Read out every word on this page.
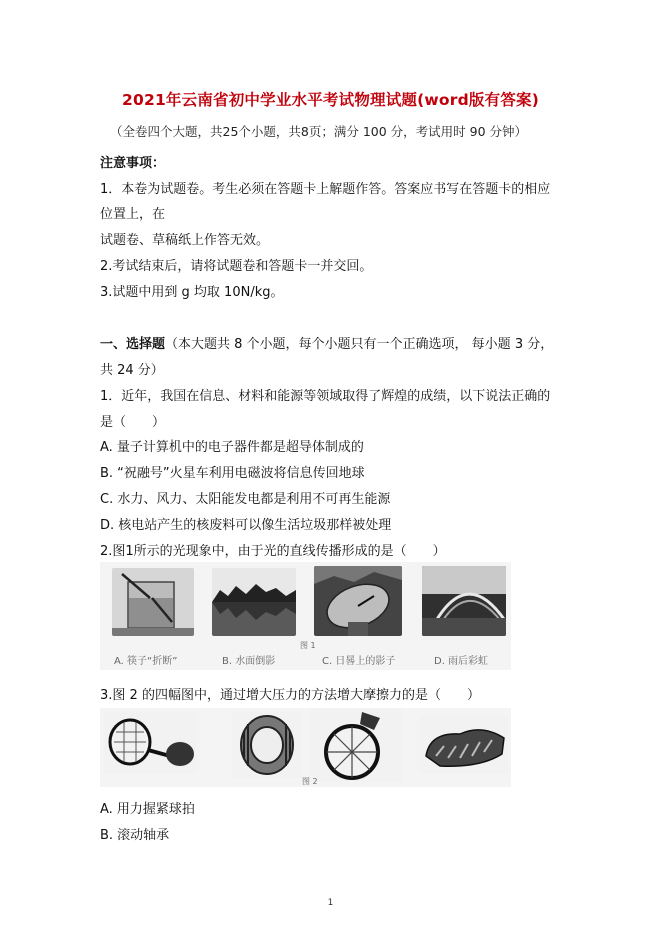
2021年云南省初中学业水平考试物理试题(word版有答案)
（全卷四个大题，共25个小题，共8页；满分 100 分，考试用时 90 分钟）
注意事项：
1．本卷为试题卷。考生必须在答题卡上解题作答。答案应书写在答题卡的相应
位置上，在
试题卷、草稿纸上作答无效。
2.考试结束后，请将试题卷和答题卡一并交回。
3.试题中用到 g 均取 10N/kg。
一、选择题（本大题共 8 个小题，每个小题只有一个正确选项， 每小题 3 分，
共 24 分）
1．近年，我国在信息、材料和能源等领域取得了辉煌的成绩，以下说法正确的
是（　　）
A. 量子计算机中的电子器件都是超导体制成的
B. “祝融号”火星车利用电磁波将信息传回地球
C. 水力、风力、太阳能发电都是利用不可再生能源
D. 核电站产生的核废料可以像生活垃圾那样被处理
2.图1所示的光现象中，由于光的直线传播形成的是（　　）
图 1
A. 筷子“折断”	B. 水面倒影	C. 日晷上的影子	D. 雨后彩虹
3.图 2 的四幅图中，通过增大压力的方法增大摩擦力的是（　　）
图 2
A. 用力握紧球拍
B. 滚动轴承
1
